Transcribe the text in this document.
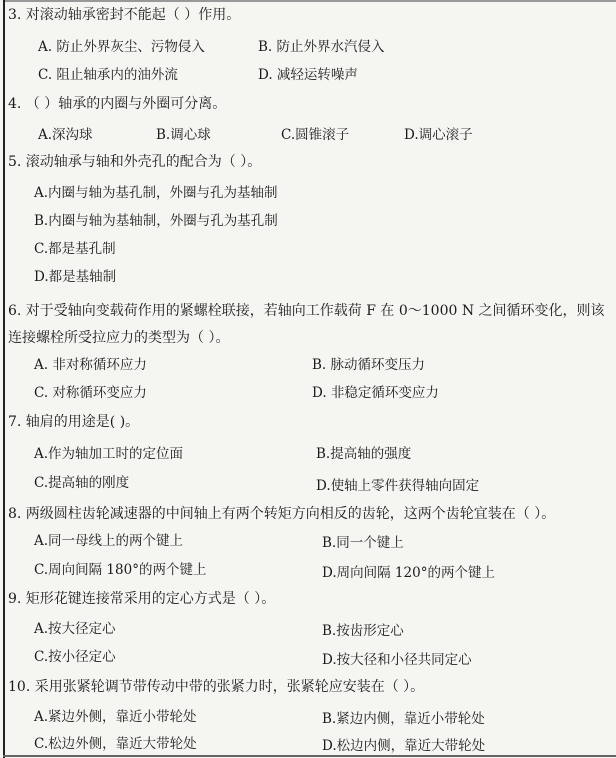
3. 对滚动轴承密封不能起（ ）作用。
A. 防止外界灰尘、污物侵入	B. 防止外界水汽侵入
C. 阻止轴承内的油外流	D. 减轻运转噪声
4. （ ）轴承的内圈与外圈可分离。
A.深沟球	B.调心球	C.圆锥滚子	D.调心滚子
5. 滚动轴承与轴和外壳孔的配合为（ ）。
A.内圈与轴为基孔制，外圈与孔为基轴制
B.内圈与轴为基轴制，外圈与孔为基孔制
C.都是基孔制
D.都是基轴制
6. 对于受轴向变载荷作用的紧螺栓联接，若轴向工作载荷 F 在 0～1000 N 之间循环变化，则该连接螺栓所受拉应力的类型为（ ）。
A. 非对称循环应力	B. 脉动循环变压力
C. 对称循环变应力	D. 非稳定循环变应力
7. 轴肩的用途是( )。
A.作为轴加工时的定位面	B.提高轴的强度
C.提高轴的刚度	D.使轴上零件获得轴向固定
8. 两级圆柱齿轮减速器的中间轴上有两个转矩方向相反的齿轮，这两个齿轮宜装在（ ）。
A.同一母线上的两个键上	B.同一个键上
C.周向间隔 180°的两个键上	D.周向间隔 120°的两个键上
9. 矩形花键连接常采用的定心方式是（ ）。
A.按大径定心	B.按齿形定心
C.按小径定心	D.按大径和小径共同定心
10. 采用张紧轮调节带传动中带的张紧力时，张紧轮应安装在（ ）。
A.紧边外侧，靠近小带轮处	B.紧边内侧，靠近小带轮处
C.松边外侧，靠近大带轮处	D.松边内侧，靠近大带轮处
